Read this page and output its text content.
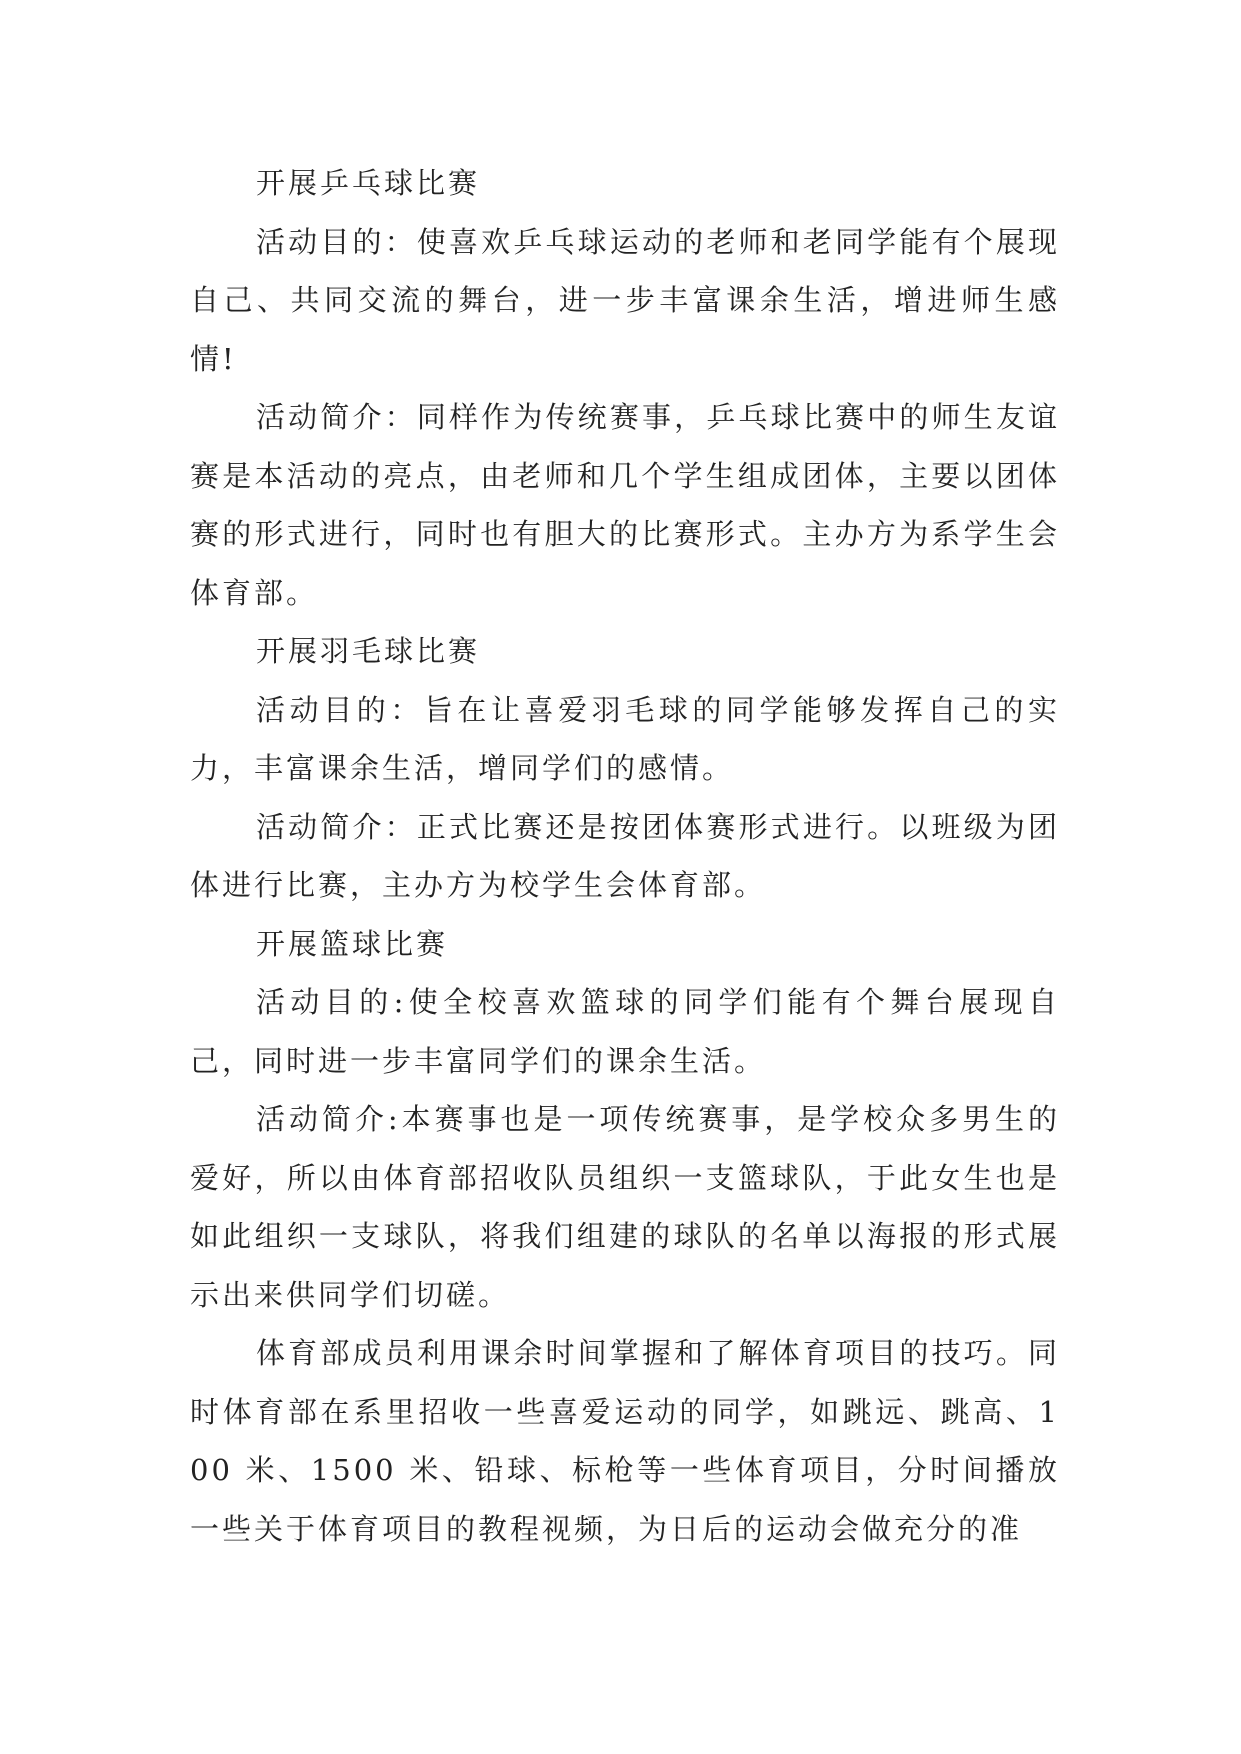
开展乒乓球比赛

活动目的：使喜欢乒乓球运动的老师和老同学能有个展现自己、共同交流的舞台，进一步丰富课余生活，增进师生感情!

活动简介：同样作为传统赛事，乒乓球比赛中的师生友谊赛是本活动的亮点，由老师和几个学生组成团体，主要以团体赛的形式进行，同时也有胆大的比赛形式。主办方为系学生会体育部。

开展羽毛球比赛

活动目的：旨在让喜爱羽毛球的同学能够发挥自己的实力，丰富课余生活，增同学们的感情。

活动简介：正式比赛还是按团体赛形式进行。以班级为团体进行比赛，主办方为校学生会体育部。

开展篮球比赛

活动目的:使全校喜欢篮球的同学们能有个舞台展现自己，同时进一步丰富同学们的课余生活。

活动简介:本赛事也是一项传统赛事，是学校众多男生的爱好，所以由体育部招收队员组织一支篮球队，于此女生也是如此组织一支球队，将我们组建的球队的名单以海报的形式展示出来供同学们切磋。

体育部成员利用课余时间掌握和了解体育项目的技巧。同时体育部在系里招收一些喜爱运动的同学，如跳远、跳高、100 米、1500 米、铅球、标枪等一些体育项目，分时间播放一些关于体育项目的教程视频，为日后的运动会做充分的准
